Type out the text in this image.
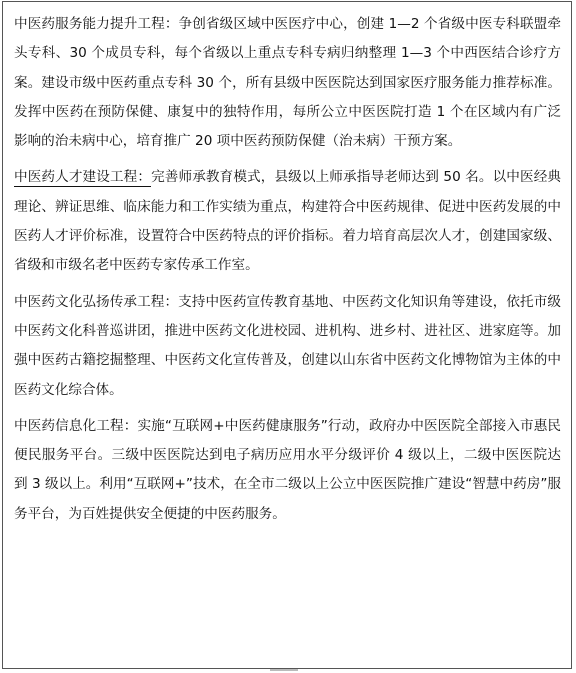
中医药服务能力提升工程：争创省级区域中医医疗中心，创建 1—2 个省级中医专科联盟牵头专科、30 个成员专科，每个省级以上重点专科专病归纳整理 1—3 个中西医结合诊疗方案。建设市级中医药重点专科 30 个，所有县级中医医院达到国家医疗服务能力推荐标准。发挥中医药在预防保健、康复中的独特作用，每所公立中医医院打造 1 个在区域内有广泛影响的治未病中心，培育推广 20 项中医药预防保健（治未病）干预方案。

中医药人才建设工程：完善师承教育模式，县级以上师承指导老师达到 50 名。以中医经典理论、辨证思维、临床能力和工作实绩为重点，构建符合中医药规律、促进中医药发展的中医药人才评价标准，设置符合中医药特点的评价指标。着力培育高层次人才，创建国家级、省级和市级名老中医药专家传承工作室。

中医药文化弘扬传承工程：支持中医药宣传教育基地、中医药文化知识角等建设，依托市级中医药文化科普巡讲团，推进中医药文化进校园、进机构、进乡村、进社区、进家庭等。加强中医药古籍挖掘整理、中医药文化宣传普及，创建以山东省中医药文化博物馆为主体的中医药文化综合体。

中医药信息化工程：实施“互联网+中医药健康服务”行动，政府办中医医院全部接入市惠民便民服务平台。三级中医医院达到电子病历应用水平分级评价 4 级以上，二级中医医院达到 3 级以上。利用“互联网+”技术，在全市二级以上公立中医医院推广建设“智慧中药房”服务平台，为百姓提供安全便捷的中医药服务。
